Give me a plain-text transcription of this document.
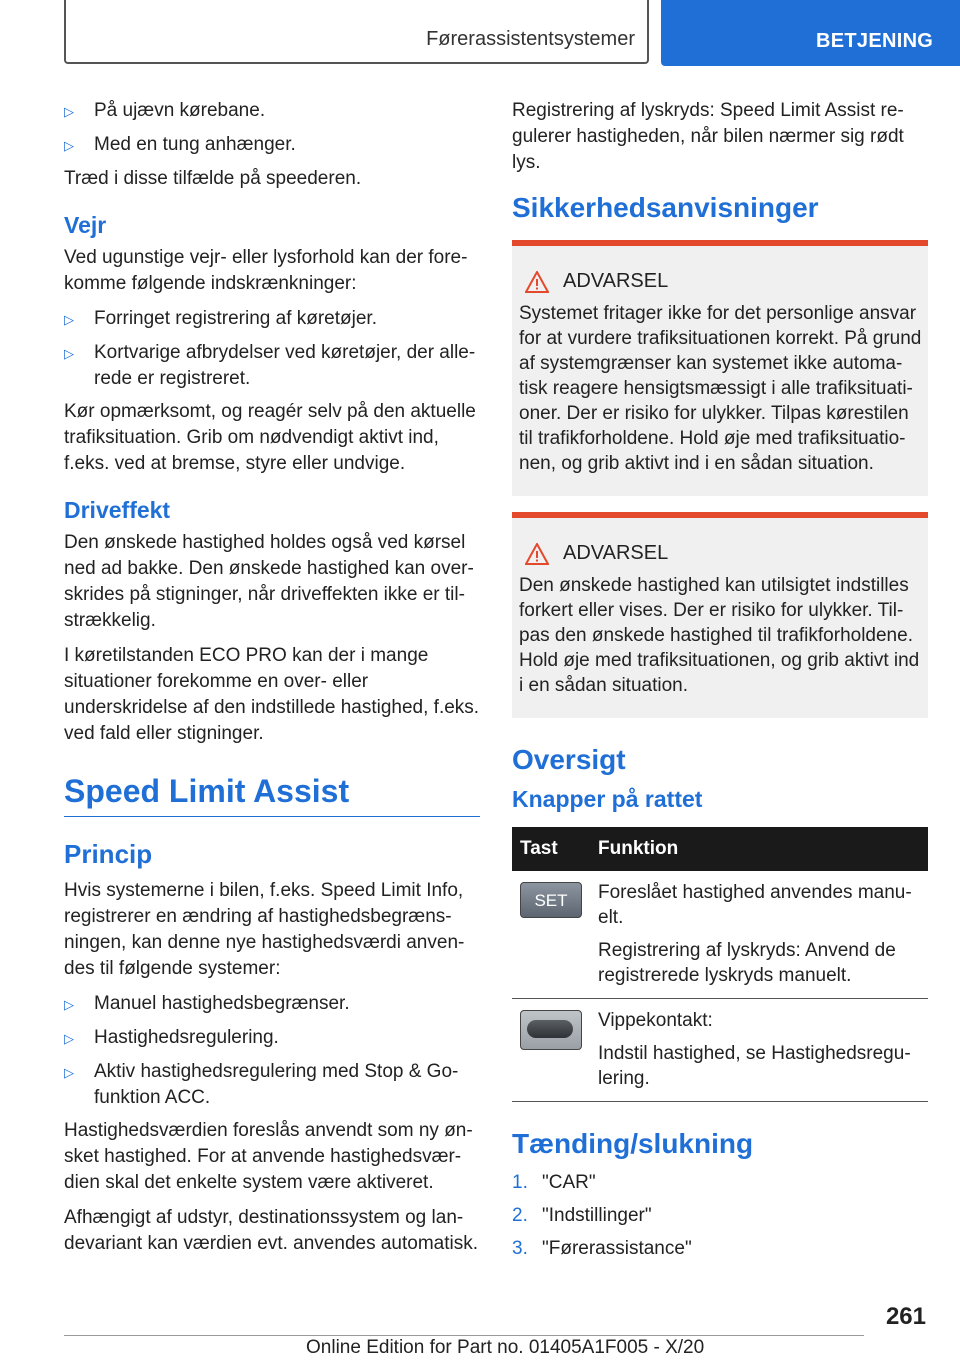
Førerassistentsystemer	BETJENING
▷	På ujævn kørebane.
▷	Med en tung anhænger.

Træd i disse tilfælde på speederen.

Vejr

Ved ugunstige vejr- eller lysforhold kan der forekomme følgende indskrænkninger:

▷	Forringet registrering af køretøjer.
▷	Kortvarige afbrydelser ved køretøjer, der allerede er registreret.

Kør opmærksomt, og reagér selv på den aktuelle trafiksituation. Grib om nødvendigt aktivt ind, f.eks. ved at bremse, styre eller undvige.

Driveffekt

Den ønskede hastighed holdes også ved kørsel ned ad bakke. Den ønskede hastighed kan overskrides på stigninger, når driveffekten ikke er tilstrækkelig.

I køretilstanden ECO PRO kan der i mange situationer forekomme en over- eller underskridelse af den indstillede hastighed, f.eks. ved fald eller stigninger.

Speed Limit Assist
Princip

Hvis systemerne i bilen, f.eks. Speed Limit Info, registrerer en ændring af hastighedsbegrænsningen, kan denne nye hastighedsværdi anvendes til følgende systemer:

▷	Manuel hastighedsbegrænser.
▷	Hastighedsregulering.
▷	Aktiv hastighedsregulering med Stop & Go-funktion ACC.

Hastighedsværdien foreslås anvendt som ny ønsket hastighed. For at anvende hastighedsværdien skal det enkelte system være aktiveret.

Afhængigt af udstyr, destinationssystem og landevariant kan værdien evt. anvendes automatisk.

Registrering af lyskryds: Speed Limit Assist regulerer hastigheden, når bilen nærmer sig rødt lys.

Sikkerhedsanvisninger
ADVARSEL

Systemet fritager ikke for det personlige ansvar for at vurdere trafiksituationen korrekt. På grund af systemgrænser kan systemet ikke automatisk reagere hensigtsmæssigt i alle trafiksituationer. Der er risiko for ulykker. Tilpas kørestilen til trafikforholdene. Hold øje med trafiksituationen, og grib aktivt ind i en sådan situation.

ADVARSEL

Den ønskede hastighed kan utilsigtet indstilles forkert eller vises. Der er risiko for ulykker. Tilpas den ønskede hastighed til trafikforholdene. Hold øje med trafiksituationen, og grib aktivt ind i en sådan situation.

Oversigt
Knapper på rattet
Tast	Funktion

SET	Foreslået hastighed anvendes manuelt.

Registrering af lyskryds: Anvend de registrerede lyskryds manuelt.

	Vippekontakt:

Indstil hastighed, se Hastighedsregulering.

Tænding/slukning
1. "CAR"
2. "Indstillinger"
3. "Førerassistance"
261
Online Edition for Part no. 01405A1F005 - X/20
